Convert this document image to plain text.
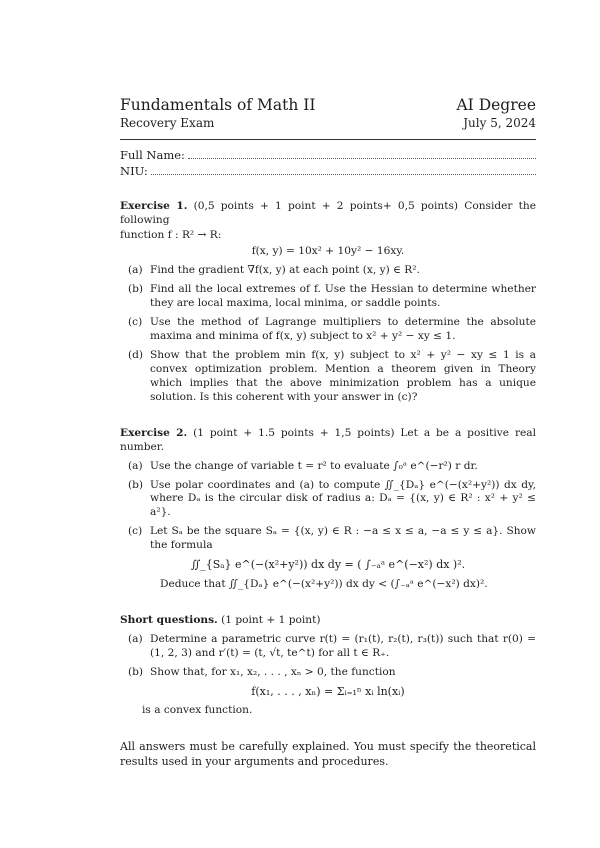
Fundamentals of Math II	AI Degree
Recovery Exam	July 5, 2024
Full Name:
NIU:
Exercise 1. (0,5 points + 1 point + 2 points+ 0,5 points) Consider the following
function f : R² → R:
f(x, y) = 10x² + 10y² − 16xy.
(a) Find the gradient ∇f(x, y) at each point (x, y) ∈ R².
(b) Find all the local extremes of f. Use the Hessian to determine whether they are local maxima, local minima, or saddle points.
(c) Use the method of Lagrange multipliers to determine the absolute maxima and minima of f(x, y) subject to x² + y² − xy ≤ 1.
(d) Show that the problem min f(x, y) subject to x² + y² − xy ≤ 1 is a convex optimization problem. Mention a theorem given in Theory which implies that the above minimization problem has a unique solution. Is this coherent with your answer in (c)?
Exercise 2. (1 point + 1.5 points + 1,5 points) Let a be a positive real number.
(a) Use the change of variable t = r² to evaluate ∫₀ᵃ e^(−r²) r dr.
(b) Use polar coordinates and (a) to compute ∬_{Dₐ} e^(−(x²+y²)) dx dy, where Dₐ is the circular disk of radius a: Dₐ = {(x, y) ∈ R² : x² + y² ≤ a²}.
(c) Let Sₐ be the square Sₐ = {(x, y) ∈ R : −a ≤ x ≤ a, −a ≤ y ≤ a}. Show the formula
∬_{Sₐ} e^(−(x²+y²)) dx dy = ( ∫₋ₐᵃ e^(−x²) dx )².
Deduce that ∬_{Dₐ} e^(−(x²+y²)) dx dy < (∫₋ₐᵃ e^(−x²) dx)².
Short questions. (1 point + 1 point)
(a) Determine a parametric curve r(t) = (r₁(t), r₂(t), r₃(t)) such that r(0) = (1, 2, 3) and r′(t) = (t, √t, te^t) for all t ∈ R₊.
(b) Show that, for x₁, x₂, . . . , xₙ > 0, the function
f(x₁, . . . , xₙ) = Σᵢ₌₁ⁿ xᵢ ln(xᵢ)
is a convex function.
All answers must be carefully explained. You must specify the theoretical results used in your arguments and procedures.
